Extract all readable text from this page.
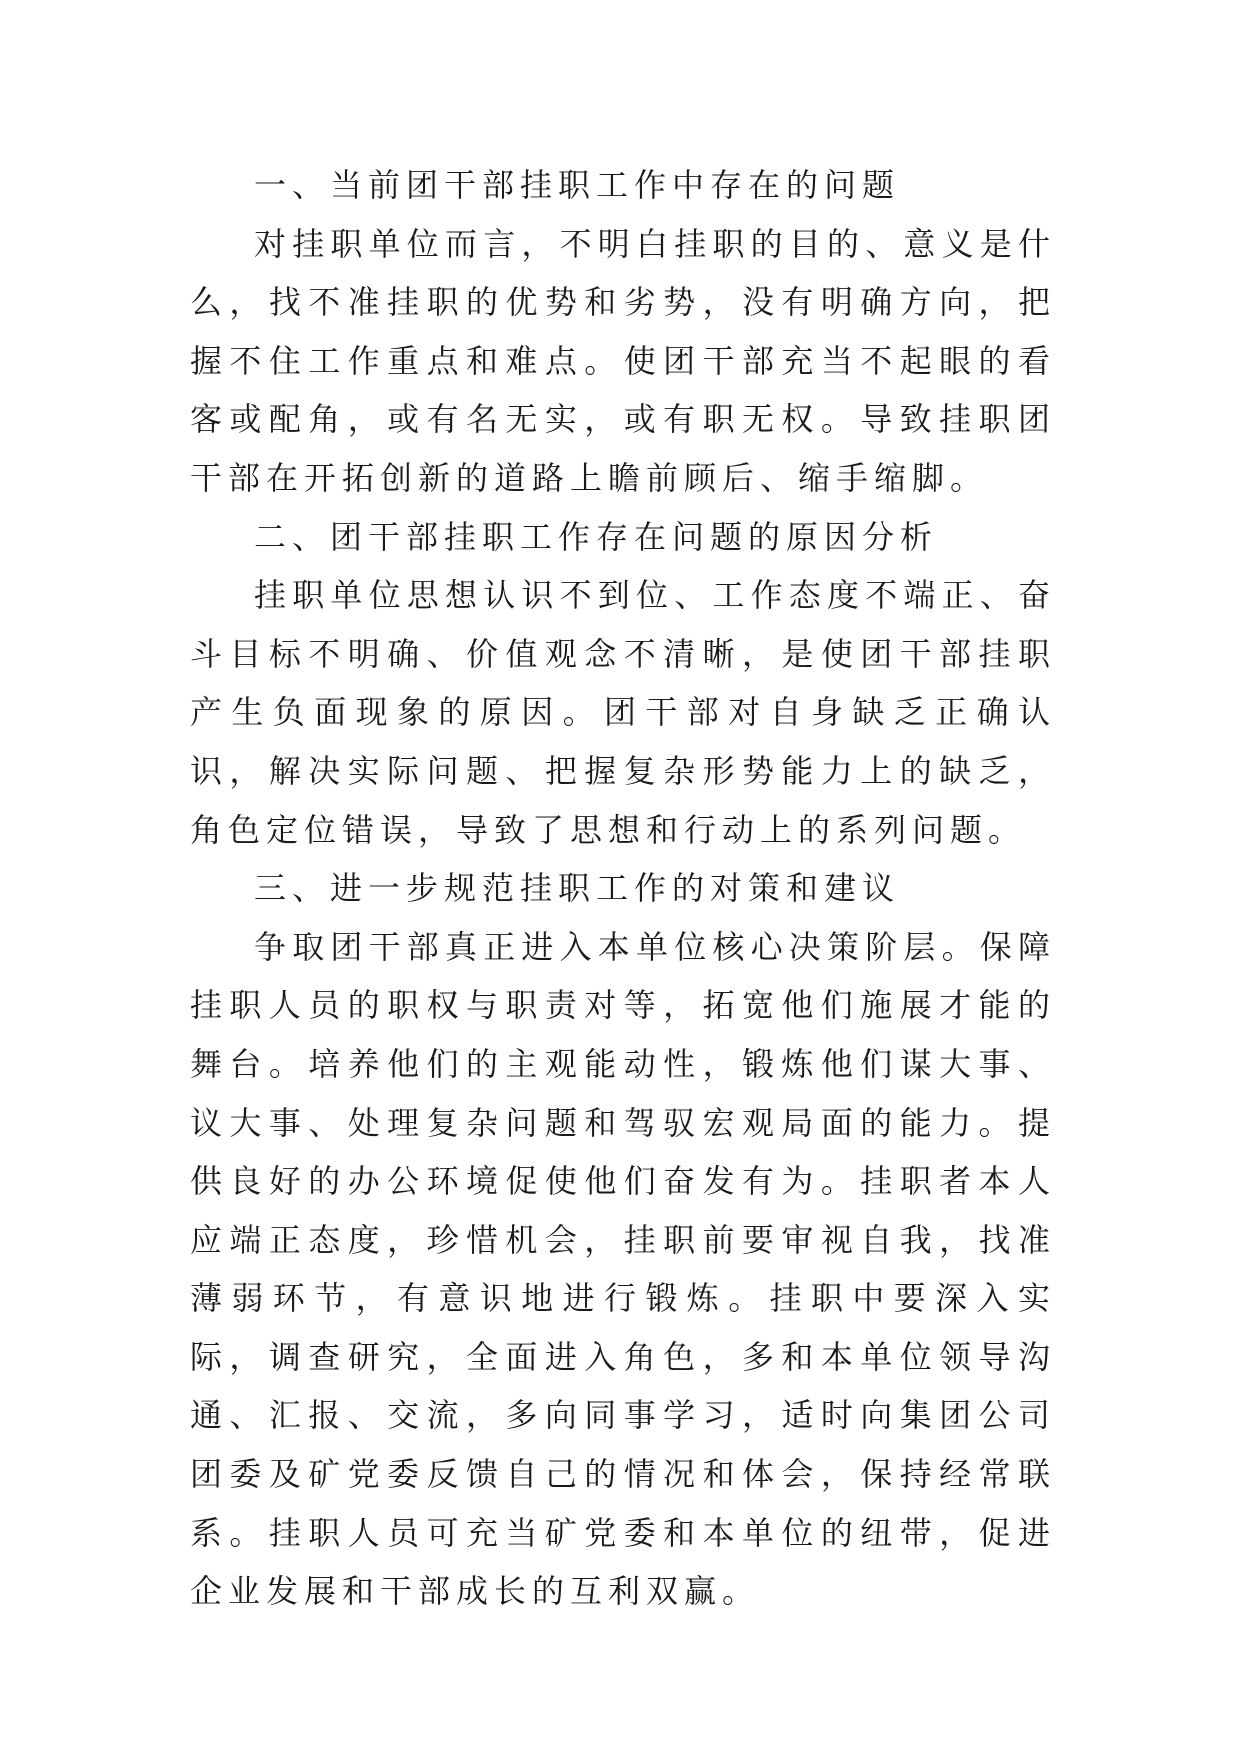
一、当前团干部挂职工作中存在的问题

对挂职单位而言，不明白挂职的目的、意义是什么，找不准挂职的优势和劣势，没有明确方向，把握不住工作重点和难点。使团干部充当不起眼的看客或配角，或有名无实，或有职无权。导致挂职团干部在开拓创新的道路上瞻前顾后、缩手缩脚。

二、团干部挂职工作存在问题的原因分析

挂职单位思想认识不到位、工作态度不端正、奋斗目标不明确、价值观念不清晰，是使团干部挂职产生负面现象的原因。团干部对自身缺乏正确认识，解决实际问题、把握复杂形势能力上的缺乏，角色定位错误，导致了思想和行动上的系列问题。

三、进一步规范挂职工作的对策和建议

争取团干部真正进入本单位核心决策阶层。保障挂职人员的职权与职责对等，拓宽他们施展才能的舞台。培养他们的主观能动性，锻炼他们谋大事、议大事、处理复杂问题和驾驭宏观局面的能力。提供良好的办公环境促使他们奋发有为。挂职者本人应端正态度，珍惜机会，挂职前要审视自我，找准薄弱环节，有意识地进行锻炼。挂职中要深入实际，调查研究，全面进入角色，多和本单位领导沟通、汇报、交流，多向同事学习，适时向集团公司团委及矿党委反馈自己的情况和体会，保持经常联系。挂职人员可充当矿党委和本单位的纽带，促进企业发展和干部成长的互利双赢。
